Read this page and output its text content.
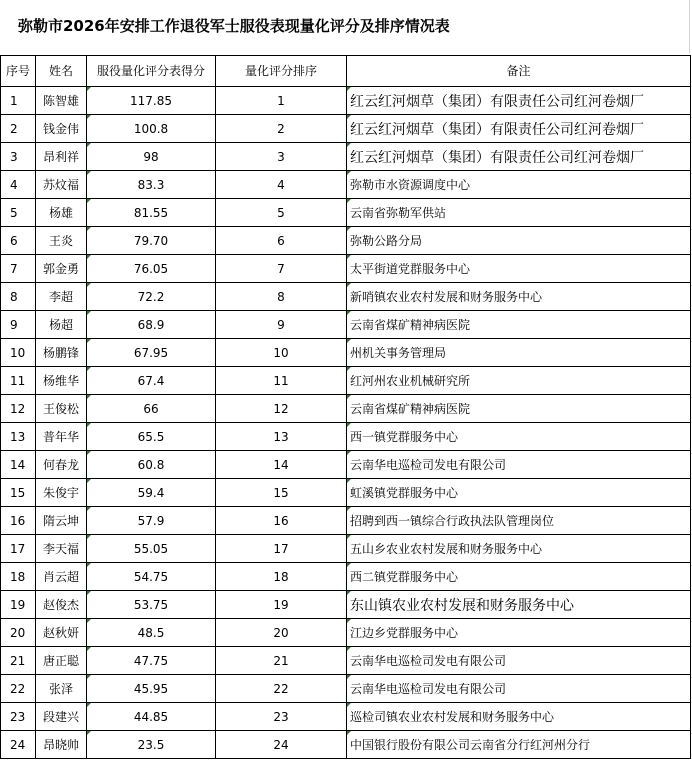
弥勒市2026年安排工作退役军士服役表现量化评分及排序情况表
序号	姓名	服役量化评分表得分	量化评分排序	备注
1	陈智雄	117.85	1	红云红河烟草（集团）有限责任公司红河卷烟厂
2	钱金伟	100.8	2	红云红河烟草（集团）有限责任公司红河卷烟厂
3	昂利祥	98	3	红云红河烟草（集团）有限责任公司红河卷烟厂
4	苏炆福	83.3	4	弥勒市水资源调度中心
5	杨雄	81.55	5	云南省弥勒军供站
6	王炎	79.70	6	弥勒公路分局
7	郭金勇	76.05	7	太平街道党群服务中心
8	李超	72.2	8	新哨镇农业农村发展和财务服务中心
9	杨超	68.9	9	云南省煤矿精神病医院
10	杨鹏锋	67.95	10	州机关事务管理局
11	杨维华	67.4	11	红河州农业机械研究所
12	王俊松	66	12	云南省煤矿精神病医院
13	普年华	65.5	13	西一镇党群服务中心
14	何春龙	60.8	14	云南华电巡检司发电有限公司
15	朱俊宇	59.4	15	虹溪镇党群服务中心
16	隋云坤	57.9	16	招聘到西一镇综合行政执法队管理岗位
17	李天福	55.05	17	五山乡农业农村发展和财务服务中心
18	肖云超	54.75	18	西二镇党群服务中心
19	赵俊杰	53.75	19	东山镇农业农村发展和财务服务中心
20	赵秋妍	48.5	20	江边乡党群服务中心
21	唐正聪	47.75	21	云南华电巡检司发电有限公司
22	张泽	45.95	22	云南华电巡检司发电有限公司
23	段建兴	44.85	23	巡检司镇农业农村发展和财务服务中心
24	昂晓帅	23.5	24	中国银行股份有限公司云南省分行红河州分行
